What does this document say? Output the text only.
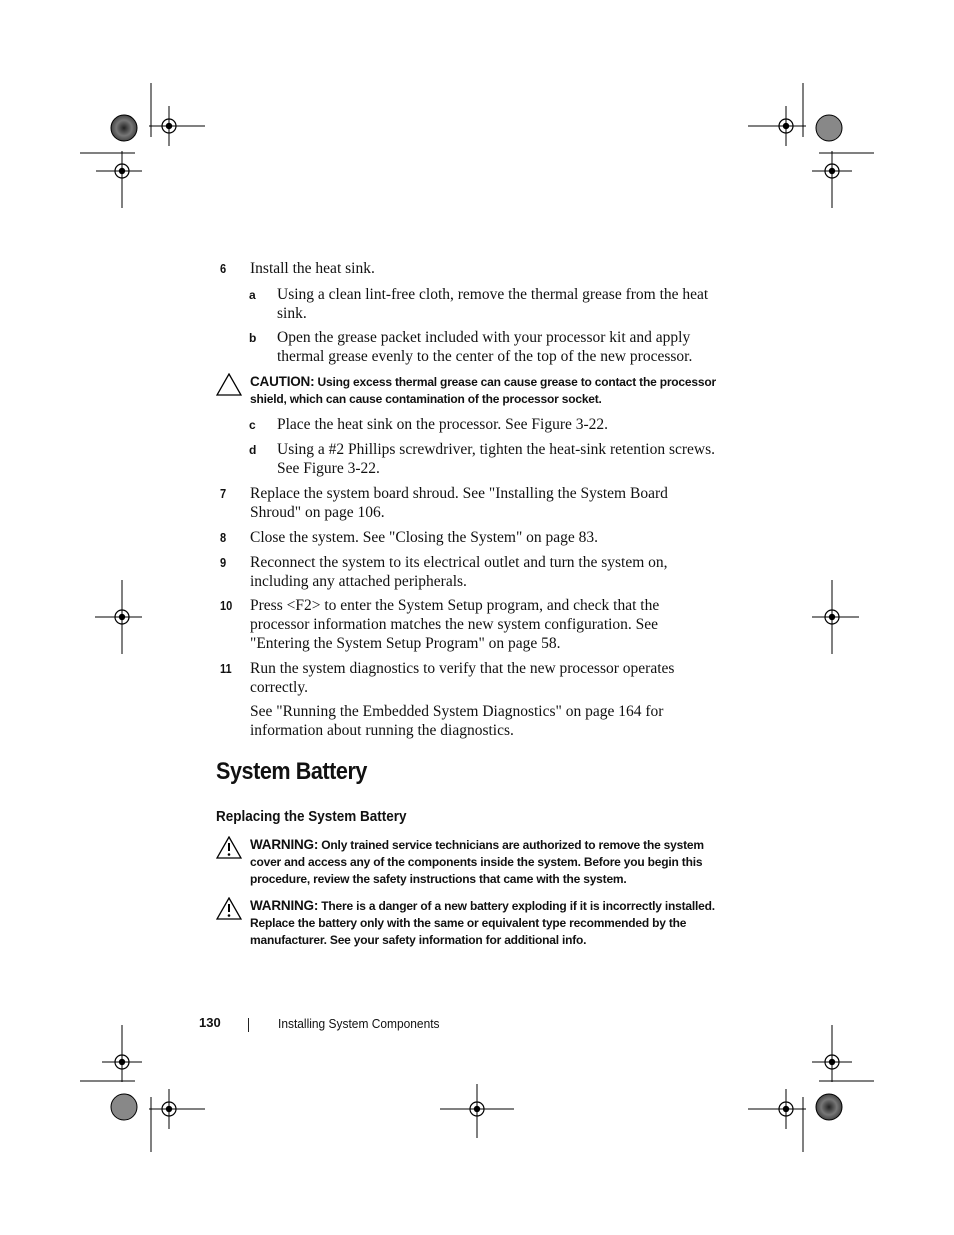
6 Install the heat sink.
a Using a clean lint-free cloth, remove the thermal grease from the heat sink.
b Open the grease packet included with your processor kit and apply thermal grease evenly to the center of the top of the new processor.
CAUTION: Using excess thermal grease can cause grease to contact the processor shield, which can cause contamination of the processor socket.
c Place the heat sink on the processor. See Figure 3-22.
d Using a #2 Phillips screwdriver, tighten the heat-sink retention screws. See Figure 3-22.
7 Replace the system board shroud. See "Installing the System Board Shroud" on page 106.
8 Close the system. See "Closing the System" on page 83.
9 Reconnect the system to its electrical outlet and turn the system on, including any attached peripherals.
10 Press <F2> to enter the System Setup program, and check that the processor information matches the new system configuration. See "Entering the System Setup Program" on page 58.
11 Run the system diagnostics to verify that the new processor operates correctly.
See "Running the Embedded System Diagnostics" on page 164 for information about running the diagnostics.
System Battery
Replacing the System Battery
WARNING: Only trained service technicians are authorized to remove the system cover and access any of the components inside the system. Before you begin this procedure, review the safety instructions that came with the system.
WARNING: There is a danger of a new battery exploding if it is incorrectly installed. Replace the battery only with the same or equivalent type recommended by the manufacturer. See your safety information for additional info.
130	Installing System Components
